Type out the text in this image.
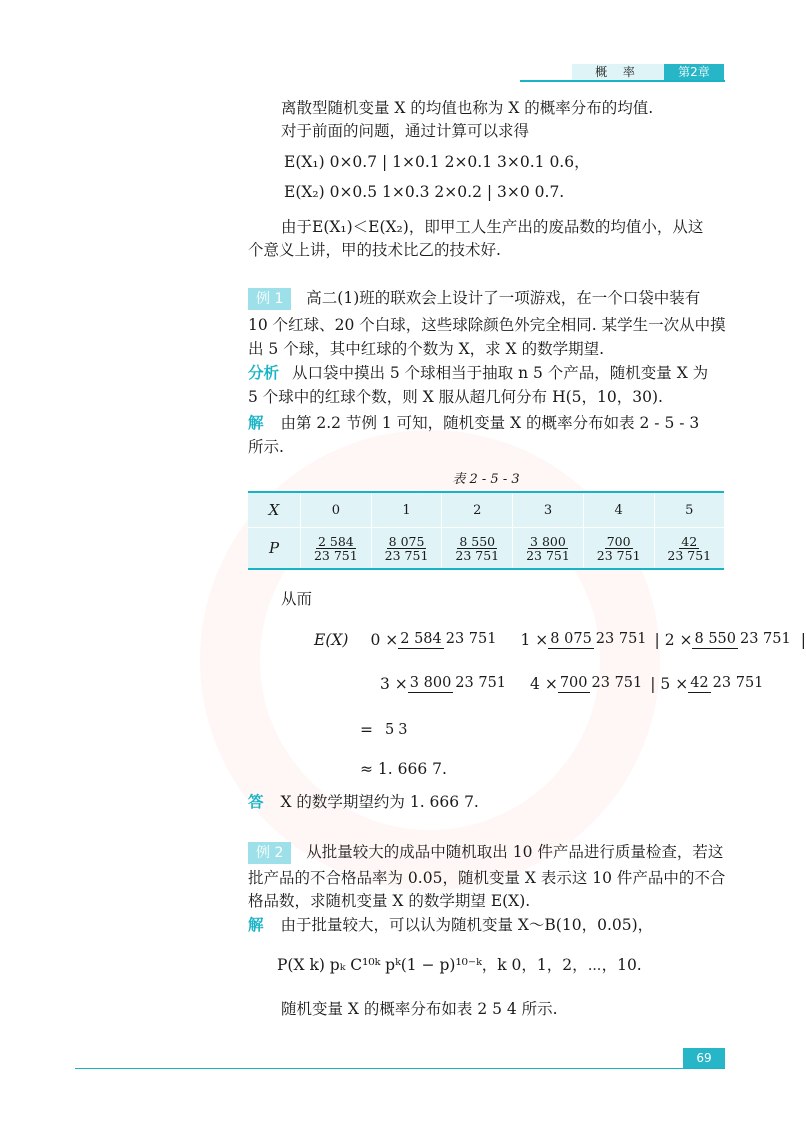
概 率	第2章
离散型随机变量 X 的均值也称为 X 的概率分布的均值.
对于前面的问题，通过计算可以求得
E(X₁) 0×0.7 | 1×0.1 2×0.1 3×0.1 0.6，
E(X₂) 0×0.5 1×0.3 2×0.2 | 3×0 0.7.
由于E(X₁)＜E(X₂)，即甲工人生产出的废品数的均值小，从这
个意义上讲，甲的技术比乙的技术好.
例 1 高二(1)班的联欢会上设计了一项游戏，在一个口袋中装有
10 个红球、20 个白球，这些球除颜色外完全相同. 某学生一次从中摸
出 5 个球，其中红球的个数为 X，求 X 的数学期望.
分析 从口袋中摸出 5 个球相当于抽取 n 5 个产品，随机变量 X 为
5 个球中的红球个数，则 X 服从超几何分布 H(5，10，30).
解 由第 2.2 节例 1 可知，随机变量 X 的概率分布如表 2 - 5 - 3
所示.
表 2 - 5 - 3
X	0	1	2	3	4	5
P	$\frac{2 584}{23 751}$	$\frac{8 075}{23 751}$	$\frac{8 550}{23 751}$	$\frac{3 800}{23 751}$	$\frac{700}{23 751}$	$\frac{42}{23 751}$
从而
E(X) 0 × 2 584 23 751 1 × 8 075 23 751 | 2 × 8 550 23 751 |
3 × 3 800 23 751 4 × 700 23 751 | 5 × 42 23 751
= 5 3
≈ 1. 666 7.
答 X 的数学期望约为 1. 666 7.
例 2 从批量较大的成品中随机取出 10 件产品进行质量检查，若这
批产品的不合格品率为 0.05，随机变量 X 表示这 10 件产品中的不合
格品数，求随机变量 X 的数学期望 E(X).
解 由于批量较大，可以认为随机变量 X～B(10，0.05)，
P(X k) pₖ C¹⁰ᵏ pᵏ(1 − p)¹⁰⁻ᵏ，k 0，1，2，⋯，10.
随机变量 X 的概率分布如表 2 5 4 所示.
69
